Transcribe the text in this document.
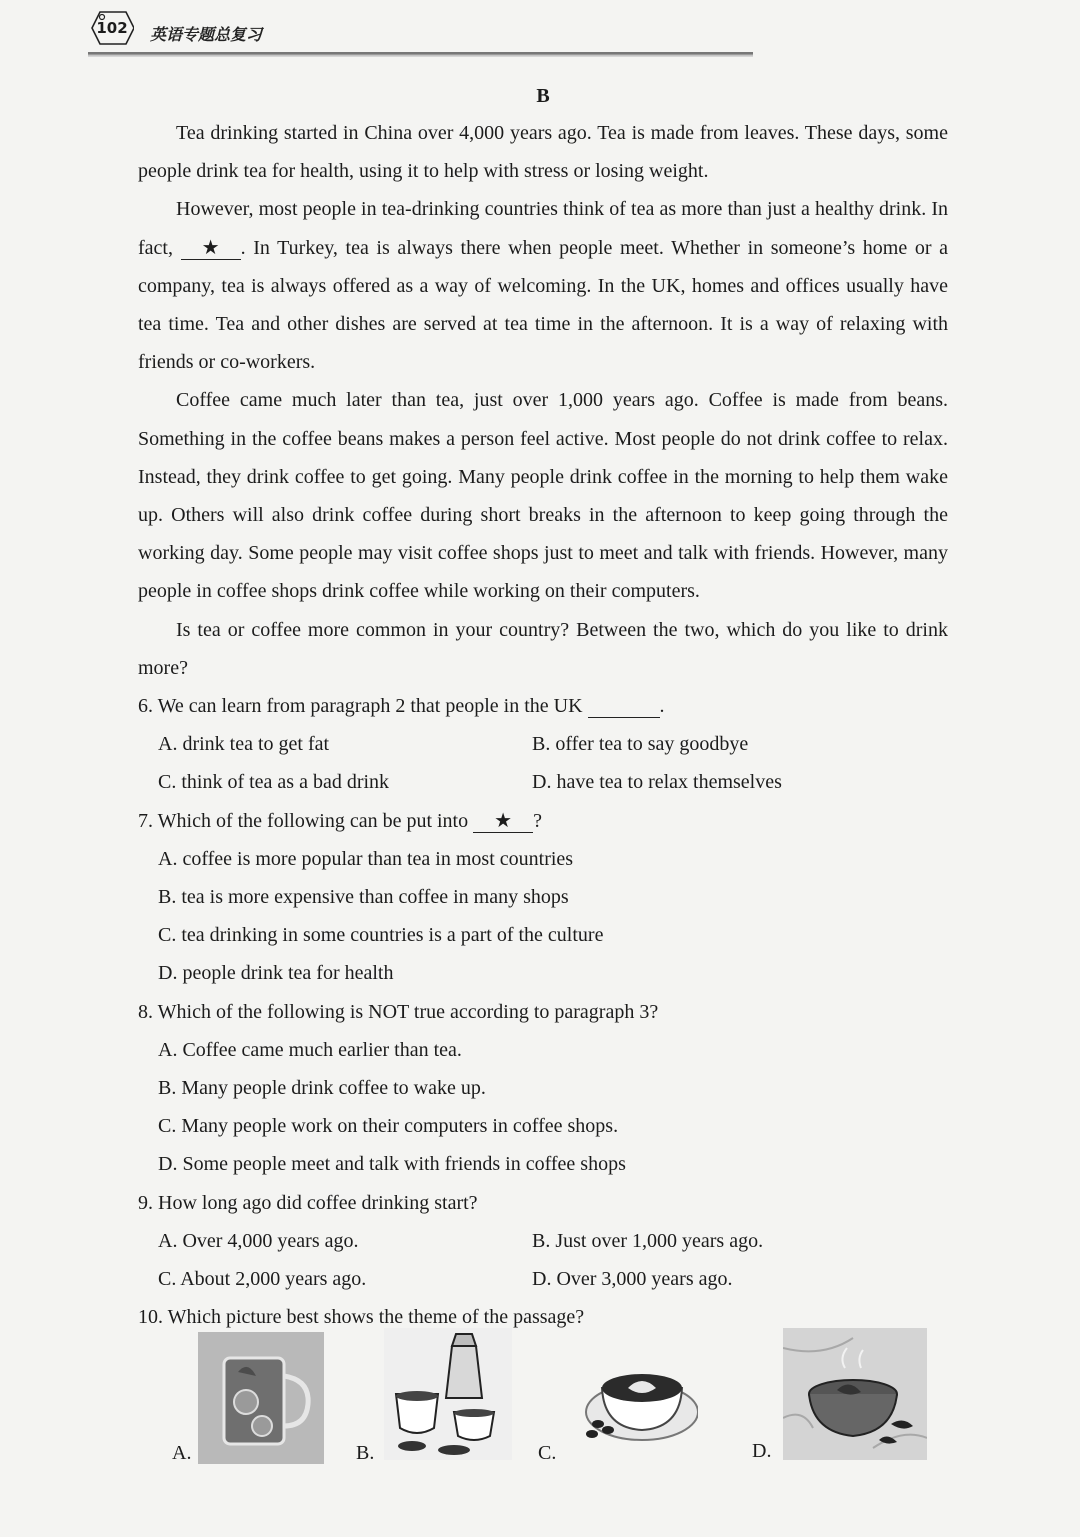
102 英语专题总复习
B

Tea drinking started in China over 4,000 years ago. Tea is made from leaves. These days, some people drink tea for health, using it to help with stress or losing weight.

However, most people in tea-drinking countries think of tea as more than just a healthy drink. In fact, ★ . In Turkey, tea is always there when people meet. Whether in someone’s home or a company, tea is always offered as a way of welcoming. In the UK, homes and offices usually have tea time. Tea and other dishes are served at tea time in the afternoon. It is a way of relaxing with friends or co-workers.

Coffee came much later than tea, just over 1,000 years ago. Coffee is made from beans. Something in the coffee beans makes a person feel active. Most people do not drink coffee to relax. Instead, they drink coffee to get going. Many people drink coffee in the morning to help them wake up. Others will also drink coffee during short breaks in the afternoon to keep going through the working day. Some people may visit coffee shops just to meet and talk with friends. However, many people in coffee shops drink coffee while working on their computers.

Is tea or coffee more common in your country? Between the two, which do you like to drink more?

6. We can learn from paragraph 2 that people in the UK	.

A. drink tea to get fat	B. offer tea to say goodbye
C. think of tea as a bad drink	D. have tea to relax themselves

7. Which of the following can be put into ★ ?

A. coffee is more popular than tea in most countries

B. tea is more expensive than coffee in many shops

C. tea drinking in some countries is a part of the culture

D. people drink tea for health

8. Which of the following is NOT true according to paragraph 3?

A. Coffee came much earlier than tea.

B. Many people drink coffee to wake up.

C. Many people work on their computers in coffee shops.

D. Some people meet and talk with friends in coffee shops

9. How long ago did coffee drinking start?

A. Over 4,000 years ago.	B. Just over 1,000 years ago.
C. About 2,000 years ago.	D. Over 3,000 years ago.

10. Which picture best shows the theme of the passage?

A.	B.	C.	D.
